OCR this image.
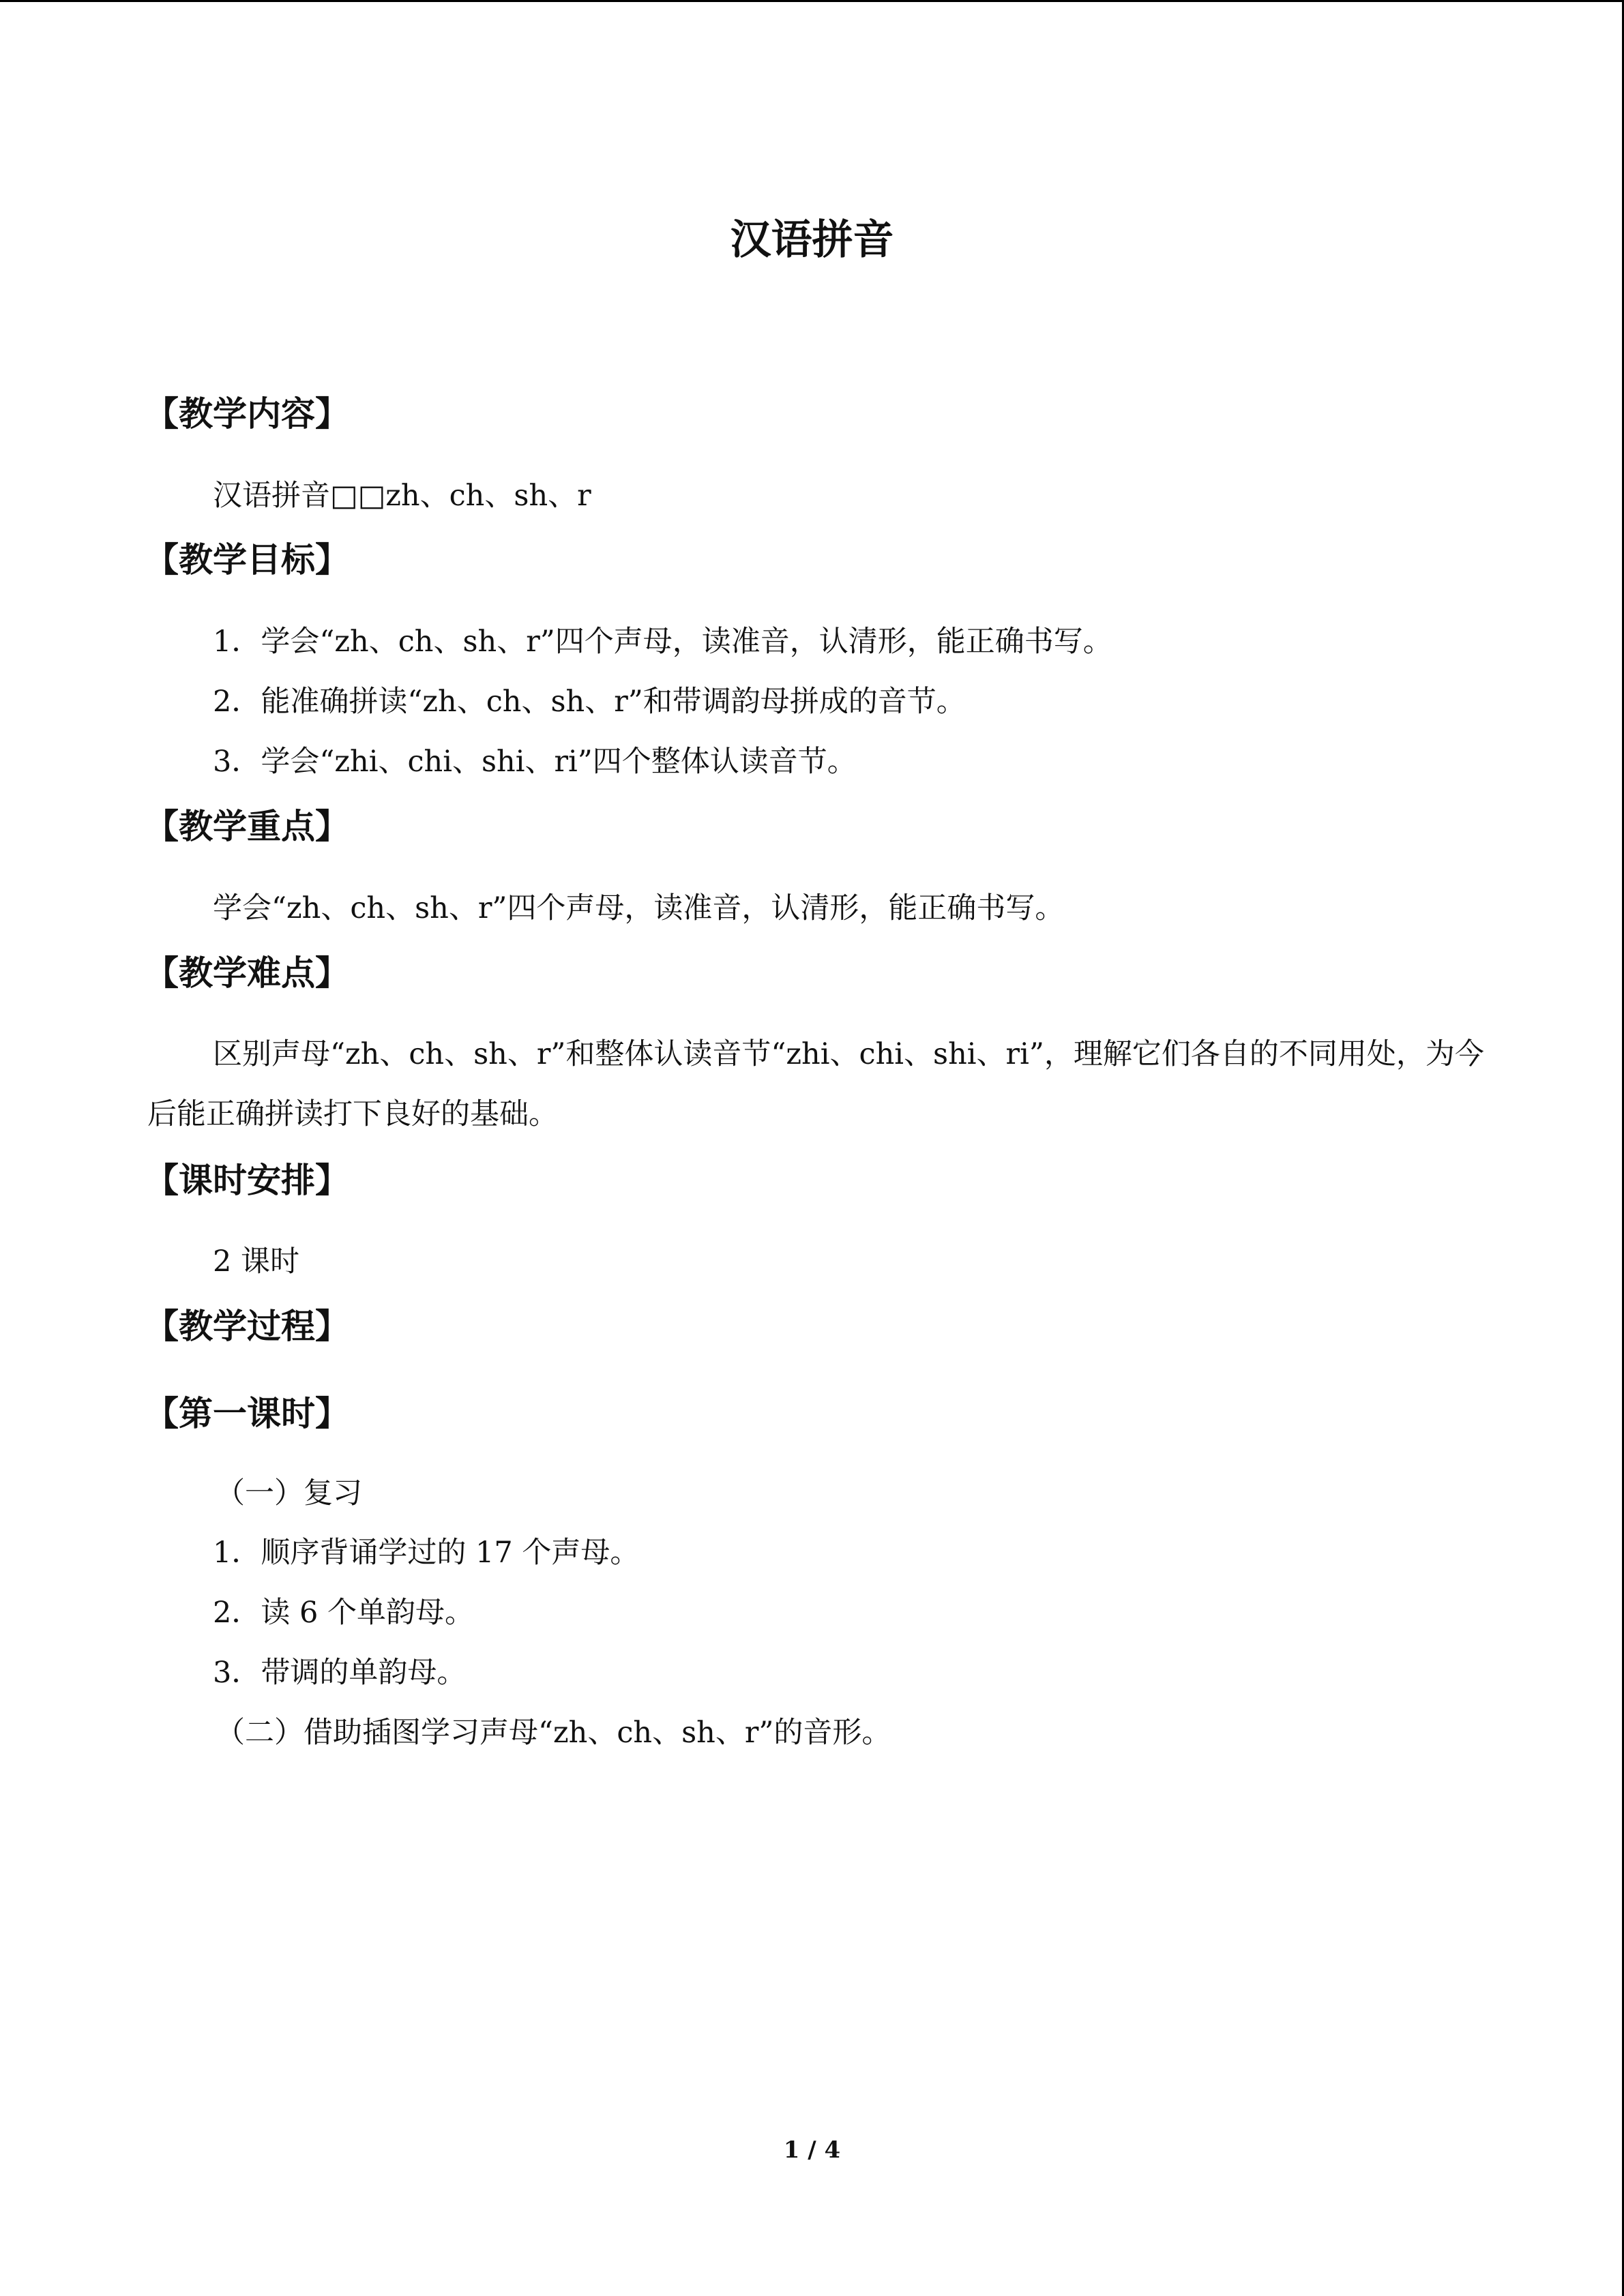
汉语拼音
【教学内容】
汉语拼音□□zh、ch、sh、r
【教学目标】
1．学会“zh、ch、sh、r”四个声母，读准音，认清形，能正确书写。
2．能准确拼读“zh、ch、sh、r”和带调韵母拼成的音节。
3．学会“zhi、chi、shi、ri”四个整体认读音节。
【教学重点】
学会“zh、ch、sh、r”四个声母，读准音，认清形，能正确书写。
【教学难点】
区别声母“zh、ch、sh、r”和整体认读音节“zhi、chi、shi、ri”，理解它们各自的不同用处，为今后能正确拼读打下良好的基础。
【课时安排】
2 课时
【教学过程】
【第一课时】
（一）复习
1．顺序背诵学过的 17 个声母。
2．读 6 个单韵母。
3．带调的单韵母。
（二）借助插图学习声母“zh、ch、sh、r”的音形。
1 / 4
